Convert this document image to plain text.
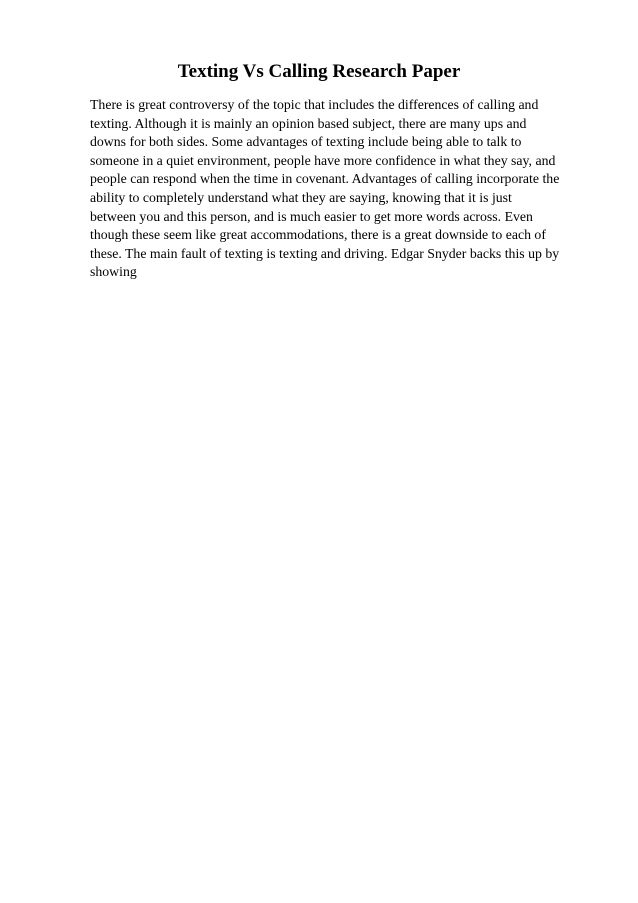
Texting Vs Calling Research Paper
There is great controversy of the topic that includes the differences of calling and
texting. Although it is mainly an opinion based subject, there are many ups and
downs for both sides. Some advantages of texting include being able to talk to
someone in a quiet environment, people have more confidence in what they say, and
people can respond when the time in covenant. Advantages of calling incorporate the
ability to completely understand what they are saying, knowing that it is just
between you and this person, and is much easier to get more words across. Even
though these seem like great accommodations, there is a great downside to each of
these. The main fault of texting is texting and driving. Edgar Snyder backs this up by
showing
